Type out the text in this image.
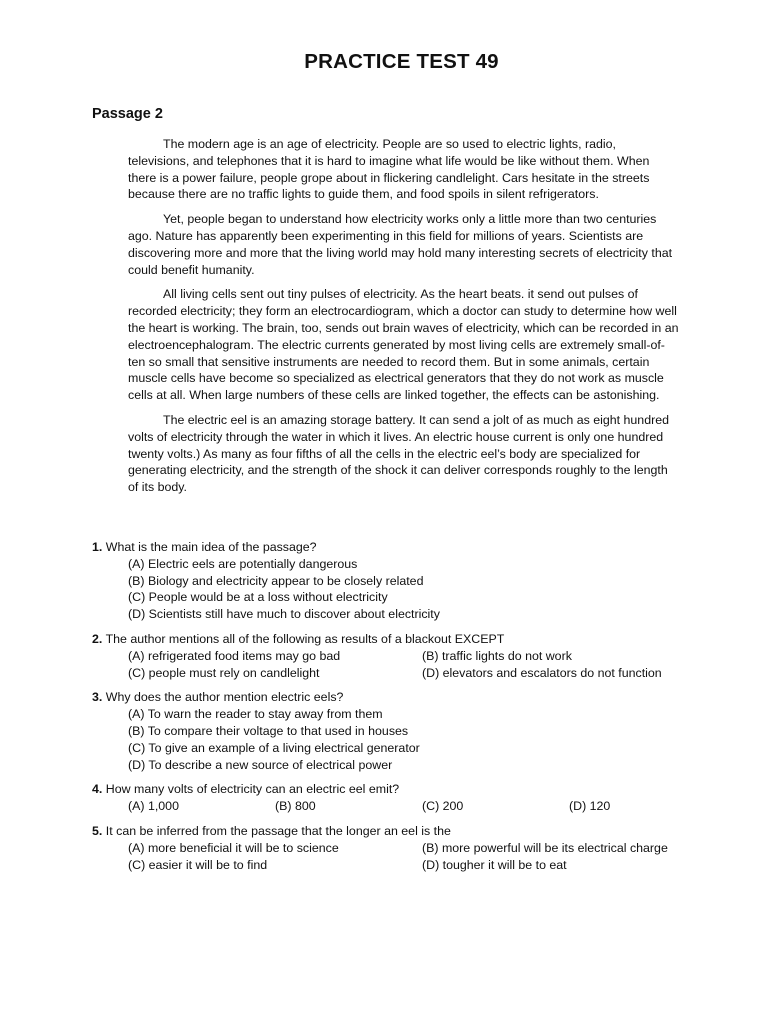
PRACTICE TEST 49
Passage 2

The modern age is an age of electricity. People are so used to electric lights, radio, televisions, and telephones that it is hard to imagine what life would be like without them. When there is a power failure, people grope about in flickering candlelight. Cars hesitate in the streets because there are no traffic lights to guide them, and food spoils in silent refrigerators.

Yet, people began to understand how electricity works only a little more than two centuries ago. Nature has apparently been experimenting in this field for millions of years. Scientists are discovering more and more that the living world may hold many interesting secrets of electricity that could benefit humanity.

All living cells sent out tiny pulses of electricity. As the heart beats. it send out pulses of recorded electricity; they form an electrocardiogram, which a doctor can study to determine how well the heart is working. The brain, too, sends out brain waves of electricity, which can be recorded in an electroencephalogram. The electric currents generated by most living cells are extremely small-of-ten so small that sensitive instruments are needed to record them. But in some animals, certain muscle cells have become so specialized as electrical generators that they do not work as muscle cells at all. When large numbers of these cells are linked together, the effects can be astonishing.

The electric eel is an amazing storage battery. It can send a jolt of as much as eight hundred volts of electricity through the water in which it lives. An electric house current is only one hundred twenty volts.) As many as four fifths of all the cells in the electric eel’s body are specialized for generating electricity, and the strength of the shock it can deliver corresponds roughly to the length of its body.

1. What is the main idea of the passage?
(A) Electric eels are potentially dangerous
(B) Biology and electricity appear to be closely related
(C) People would be at a loss without electricity
(D) Scientists still have much to discover about electricity
2. The author mentions all of the following as results of a blackout EXCEPT
(A) refrigerated food items may go bad	(B) traffic lights do not work
(C) people must rely on candlelight	(D) elevators and escalators do not function
3. Why does the author mention electric eels?
(A) To warn the reader to stay away from them
(B) To compare their voltage to that used in houses
(C) To give an example of a living electrical generator
(D) To describe a new source of electrical power
4. How many volts of electricity can an electric eel emit?
(A) 1,000	(B) 800	(C) 200	(D) 120
5. It can be inferred from the passage that the longer an eel is the
(A) more beneficial it will be to science	(B) more powerful will be its electrical charge
(C) easier it will be to find	(D) tougher it will be to eat
